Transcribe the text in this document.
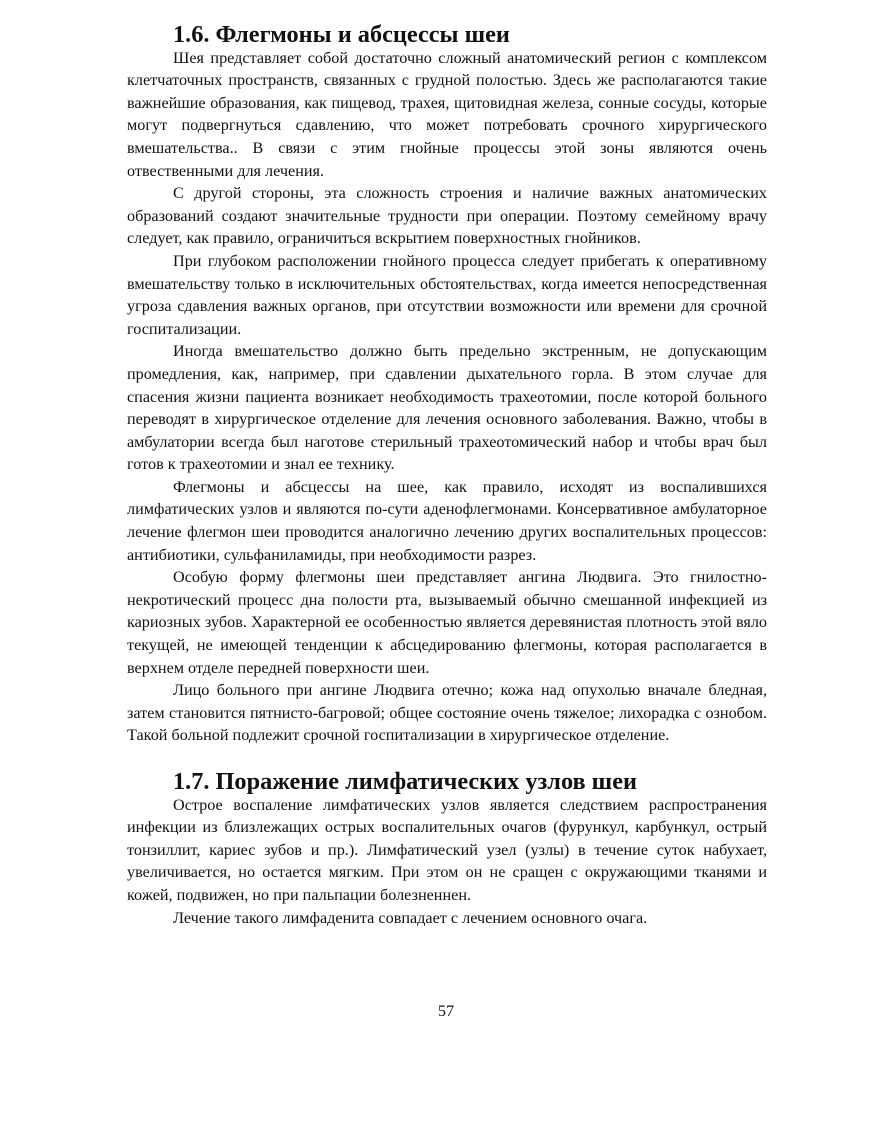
1.6. Флегмоны и абсцессы шеи

Шея представляет собой достаточно сложный анатомический регион с комплексом клетчаточных пространств, связанных с грудной полостью. Здесь же располагаются такие важнейшие образования, как пищевод, трахея, щитовидная железа, сонные сосуды, которые могут подвергнуться сдавлению, что может потребовать срочного хирургического вмешательства.. В связи с этим гнойные процессы этой зоны являются очень отвественными для лечения.

С другой стороны, эта сложность строения и наличие важных анатомических образований создают значительные трудности при операции. Поэтому семейному врачу следует, как правило, ограничиться вскрытием поверхностных гнойников.

При глубоком расположении гнойного процесса следует прибегать к оперативному вмешательству только в исключительных обстоятельствах, когда имеется непосредственная угроза сдавления важных органов, при отсутствии возможности или времени для срочной госпитализации.

Иногда вмешательство должно быть предельно экстренным, не допускающим промедления, как, например, при сдавлении дыхательного горла. В этом случае для спасения жизни пациента возникает необходимость трахеотомии, после которой больного переводят в хирургическое отделение для лечения основного заболевания. Важно, чтобы в амбулатории всегда был наготове стерильный трахеотомический набор и чтобы врач был готов к трахеотомии и знал ее технику.

Флегмоны и абсцессы на шее, как правило, исходят из воспалившихся лимфатических узлов и являются по-сути аденофлегмонами. Консервативное амбулаторное лечение флегмон шеи проводится аналогично лечению других воспалительных процессов: антибиотики, сульфаниламиды, при необходимости разрез.

Особую форму флегмоны шеи представляет ангина Людвига. Это гнилостно-некротический процесс дна полости рта, вызываемый обычно смешанной инфекцией из кариозных зубов. Характерной ее особенностью является деревянистая плотность этой вяло текущей, не имеющей тенденции к абсцедированию флегмоны, которая располагается в верхнем отделе передней поверхности шеи.

Лицо больного при ангине Людвига отечно; кожа над опухолью вначале бледная, затем становится пятнисто-багровой; общее состояние очень тяжелое; лихорадка с ознобом. Такой больной подлежит срочной госпитализации в хирургическое отделение.

1.7. Поражение лимфатических узлов шеи

Острое воспаление лимфатических узлов является следствием распространения инфекции из близлежащих острых воспалительных очагов (фурункул, карбункул, острый тонзиллит, кариес зубов и пр.). Лимфатический узел (узлы) в течение суток набухает, увеличивается, но остается мягким. При этом он не сращен с окружающими тканями и кожей, подвижен, но при пальпации болезненнен.

Лечение такого лимфаденита совпадает с лечением основного очага.

57
